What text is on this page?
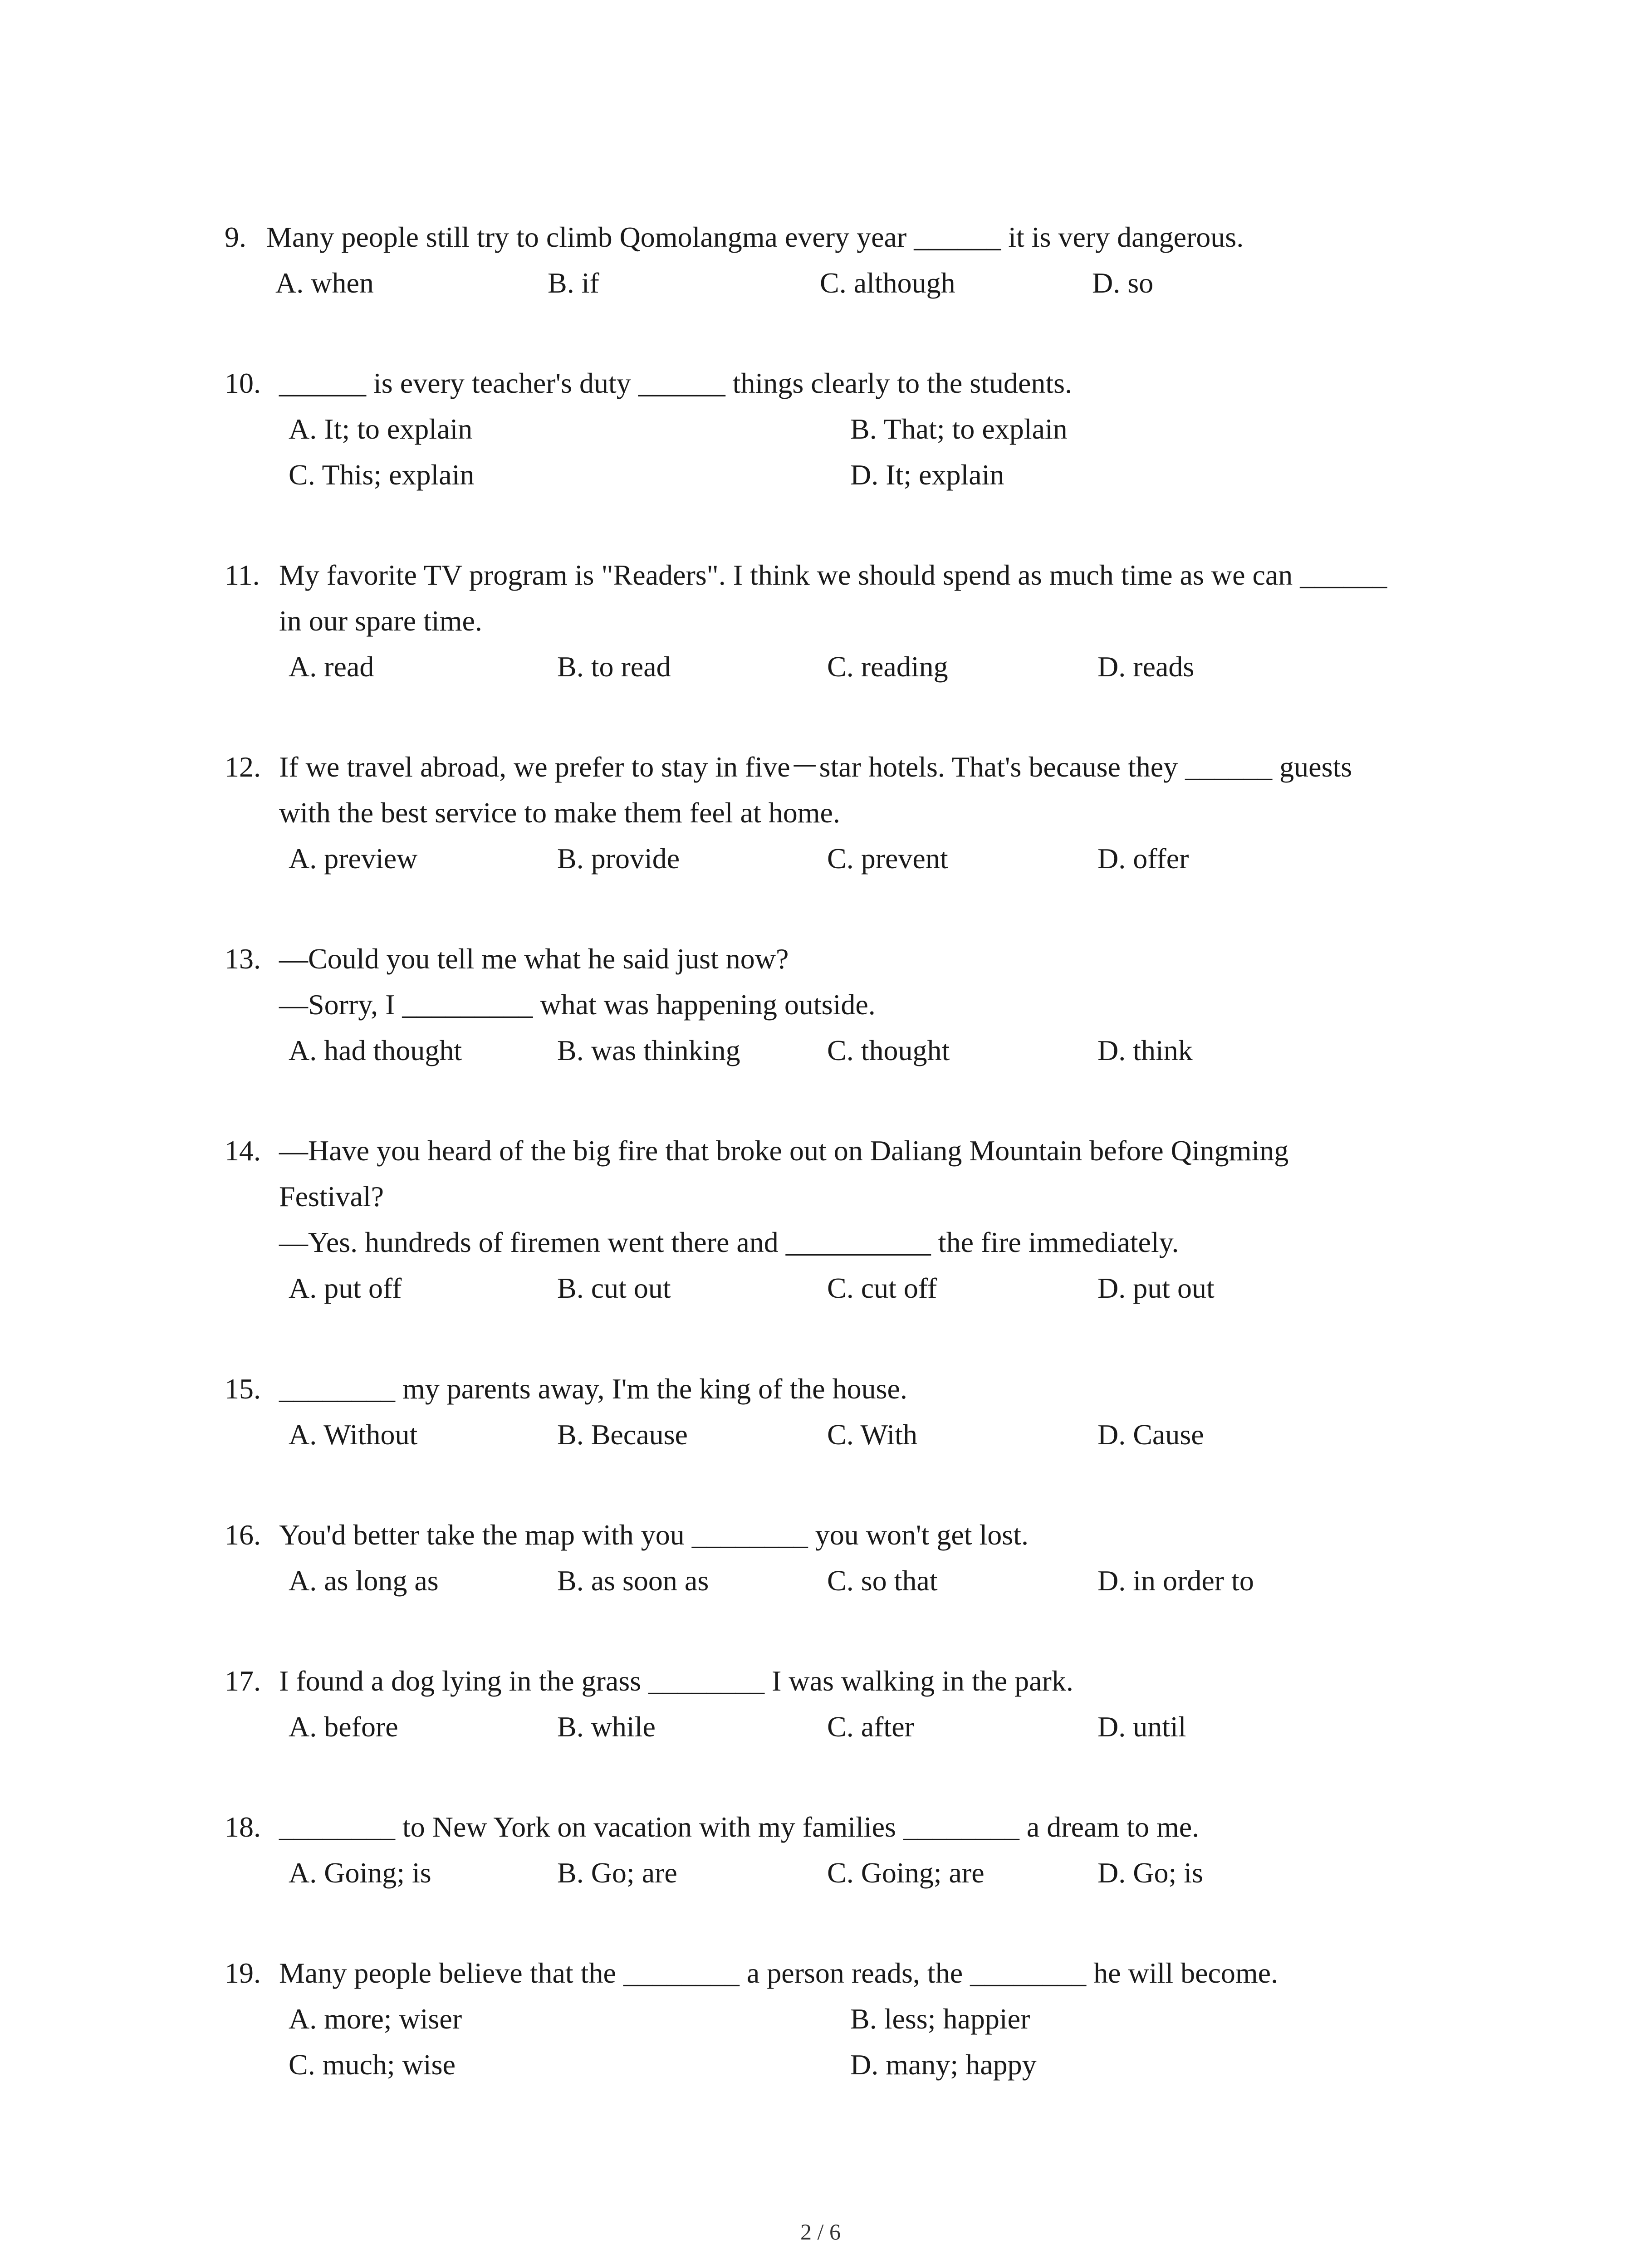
9. Many people still try to climb Qomolangma every year ______ it is very dangerous.
A. when	B. if	C. although	D. so
10. ______ is every teacher's duty ______ things clearly to the students.
A. It; to explain	B. That; to explain
C. This; explain	D. It; explain
11. My favorite TV program is "Readers". I think we should spend as much time as we can ______
in our spare time.
A. read	B. to read	C. reading	D. reads
12. If we travel abroad, we prefer to stay in five－star hotels. That's because they ______ guests
with the best service to make them feel at home.
A. preview	B. provide	C. prevent	D. offer
13. —Could you tell me what he said just now?
—Sorry, I _________ what was happening outside.
A. had thought	B. was thinking	C. thought	D. think
14. —Have you heard of the big fire that broke out on Daliang Mountain before Qingming
Festival?
—Yes. hundreds of firemen went there and __________ the fire immediately.
A. put off	B. cut out	C. cut off	D. put out
15. ________ my parents away, I'm the king of the house.
A. Without	B. Because	C. With	D. Cause
16. You'd better take the map with you ________ you won't get lost.
A. as long as	B. as soon as	C. so that	D. in order to
17. I found a dog lying in the grass ________ I was walking in the park.
A. before	B. while	C. after	D. until
18. ________ to New York on vacation with my families ________ a dream to me.
A. Going; is	B. Go; are	C. Going; are	D. Go; is
19. Many people believe that the ________ a person reads, the ________ he will become.
A. more; wiser	B. less; happier
C. much; wise	D. many; happy
2 / 6
